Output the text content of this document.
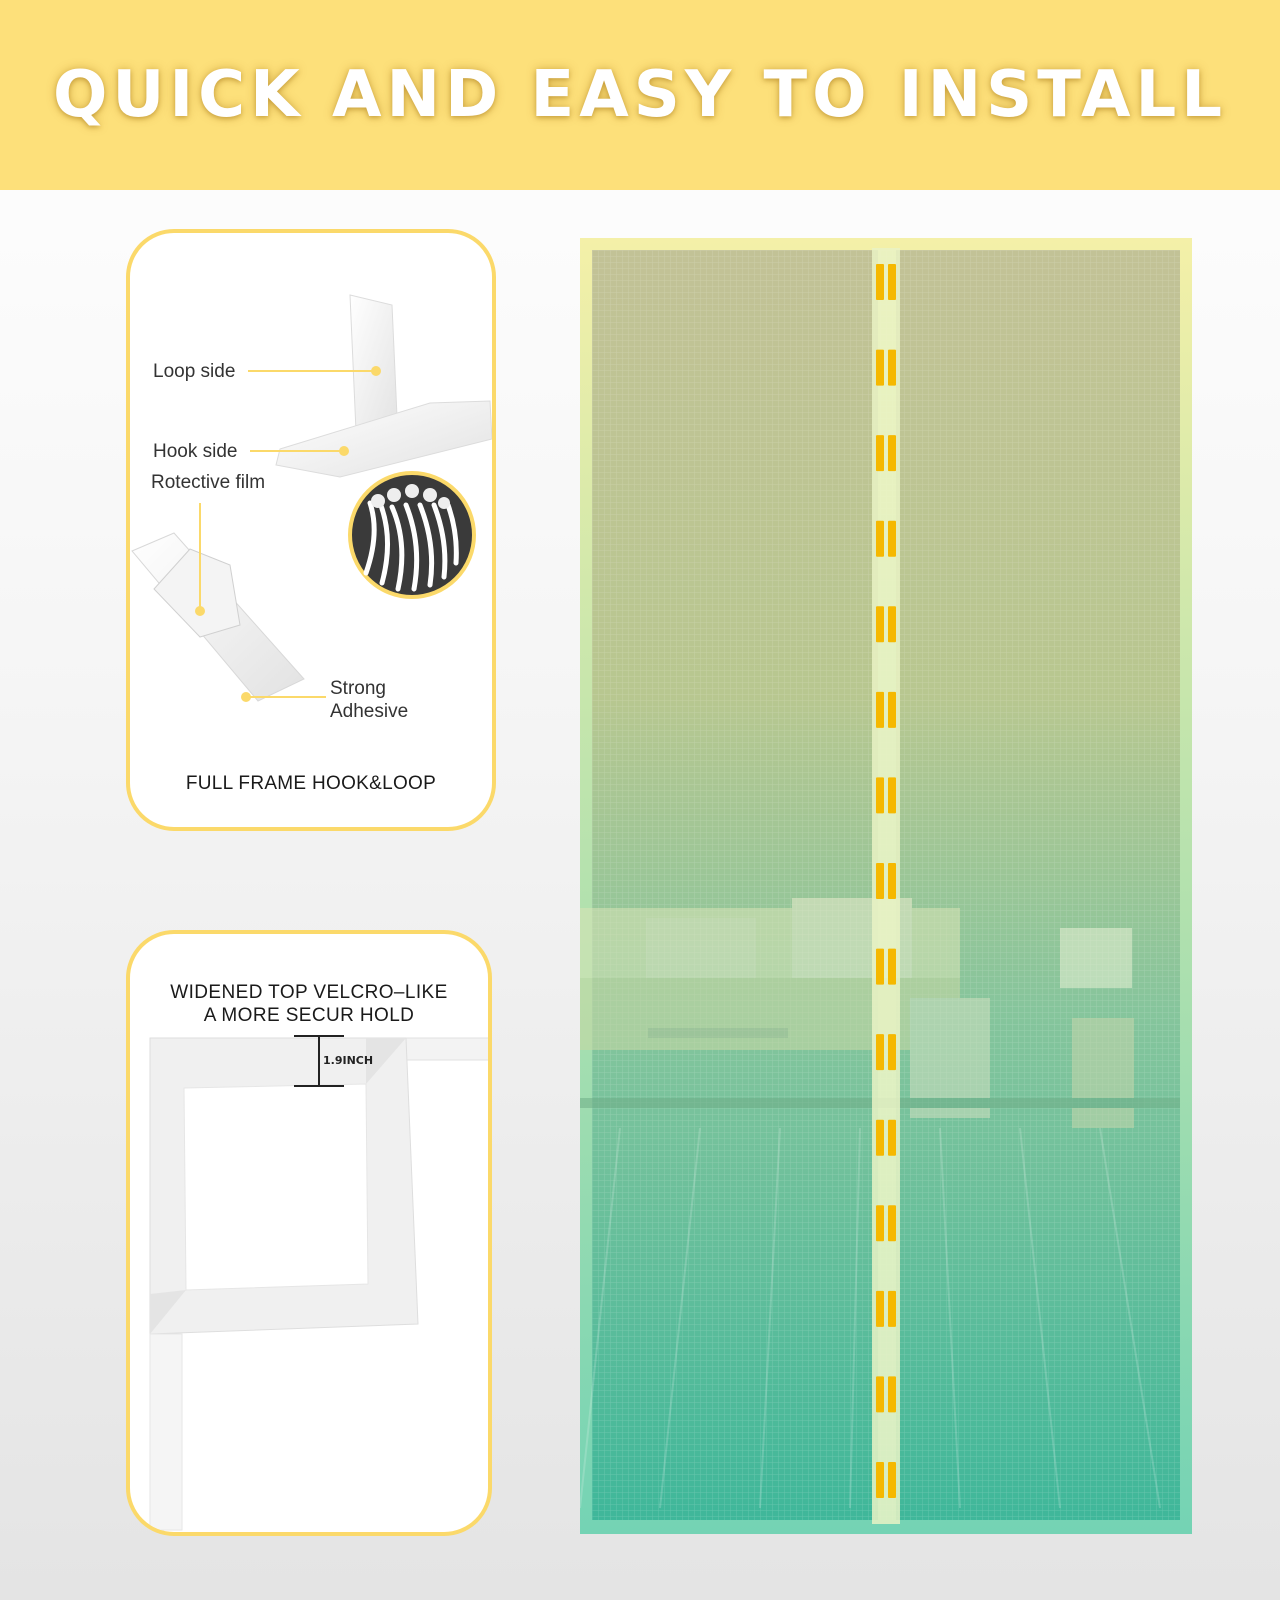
QUICK AND EASY TO INSTALL
Loop side
Hook side
Rotective film
Strong
Adhesive
FULL FRAME HOOK&LOOP
WIDENED TOP VELCRO–LIKE
A MORE SECUR HOLD
1.9INCH
